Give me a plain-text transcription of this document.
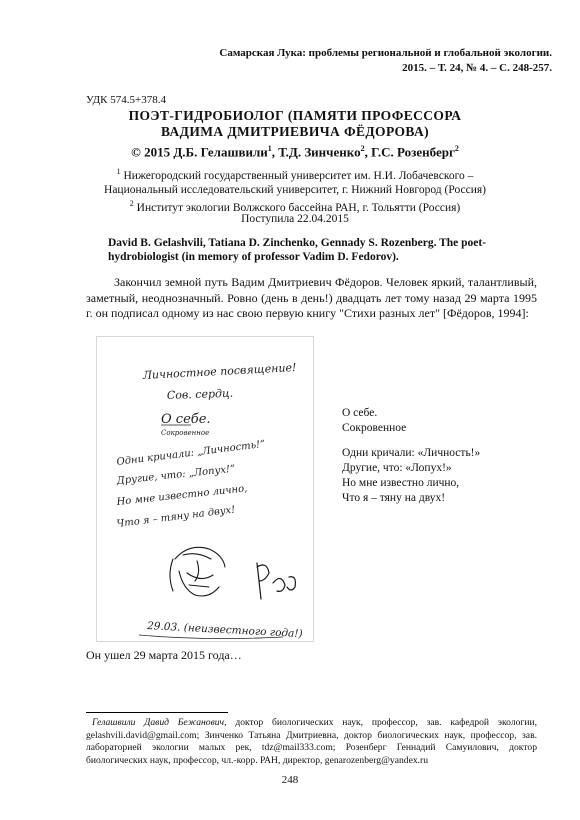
Самарская Лука: проблемы региональной и глобальной экологии.
2015. – Т. 24, № 4. – С. 248-257.
УДК 574.5+378.4
ПОЭТ-ГИДРОБИОЛОГ (ПАМЯТИ ПРОФЕССОРА
ВАДИМА ДМИТРИЕВИЧА ФЁДОРОВА)
© 2015 Д.Б. Гелашвили$^1$, Т.Д. Зинченко$^2$, Г.С. Розенберг$^2$
$^1$ Нижегородский государственный университет им. Н.И. Лобачевского –
Национальный исследовательский университет, г. Нижний Новгород (Россия)
$^2$ Институт экологии Волжского бассейна РАН, г. Тольятти (Россия)
Поступила 22.04.2015
David B. Gelashvili, Tatiana D. Zinchenko, Gennady S. Rozenberg. The poet-hydrobiologist (in memory of professor Vadim D. Fedorov).
Закончил земной путь Вадим Дмитриевич Фёдоров. Человек яркий, талантливый, заметный, неоднозначный. Ровно (день в день!) двадцать лет тому назад 29 марта 1995 г. он подписал одному из нас свою первую книгу "Стихи разных лет" [Фёдоров, 1994]:
Личностное посвящение!
Сов. сердц.
О себе.
Сокровенное
Одни кричали: „Личность!“
Другие, что: „Лопух!“
Но мне известно лично,
Что я – тяну на двух!
29.03. (неизвестного года!)
О себе.
Сокровенное
Одни кричали: «Личность!»
Другие, что: «Лопух!»
Но мне известно лично,
Что я – тяну на двух!
Он ушел 29 марта 2015 года…
Гелашвили Давид Бежанович, доктор биологических наук, профессор, зав. кафедрой экологии, gelashvili.david@gmail.com; Зинченко Татьяна Дмитриевна, доктор биологических наук, профессор, зав. лабораторией экологии малых рек, tdz@mail333.com; Розенберг Геннадий Самуилович, доктор биологических наук, профессор, чл.-корр. РАН, директор, genarozenberg@yandex.ru
248
